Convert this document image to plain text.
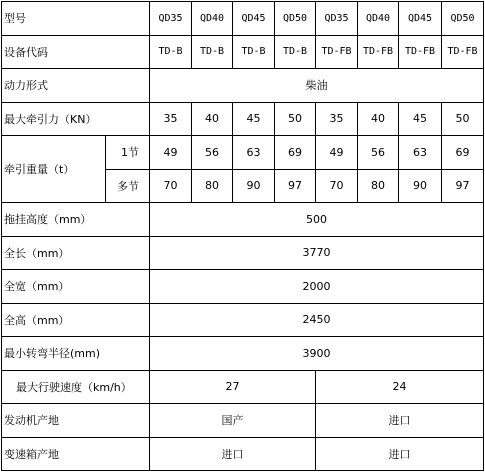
型号		QD35	QD40	QD45	QD50	QD35	QD40	QD45	QD50
设备代码		TD-B	TD-B	TD-B	TD-B	TD-FB	TD-FB	TD-FB	TD-FB
动力形式		柴油							
最大牵引力（KN）		35	40	45	50	35	40	45	50
牵引重量（t）	1节	49	56	63	69	49	56	63	69
	多节	70	80	90	97	70	80	90	97
拖挂高度（mm）		500							
全长（mm）		3770							
全宽（mm）		2000							
全高（mm）		2450							
最小转弯半径(mm)		3900							
最大行驶速度（km/h）		27				24			
发动机产地		国产				进口			
变速箱产地		进口				进口			
